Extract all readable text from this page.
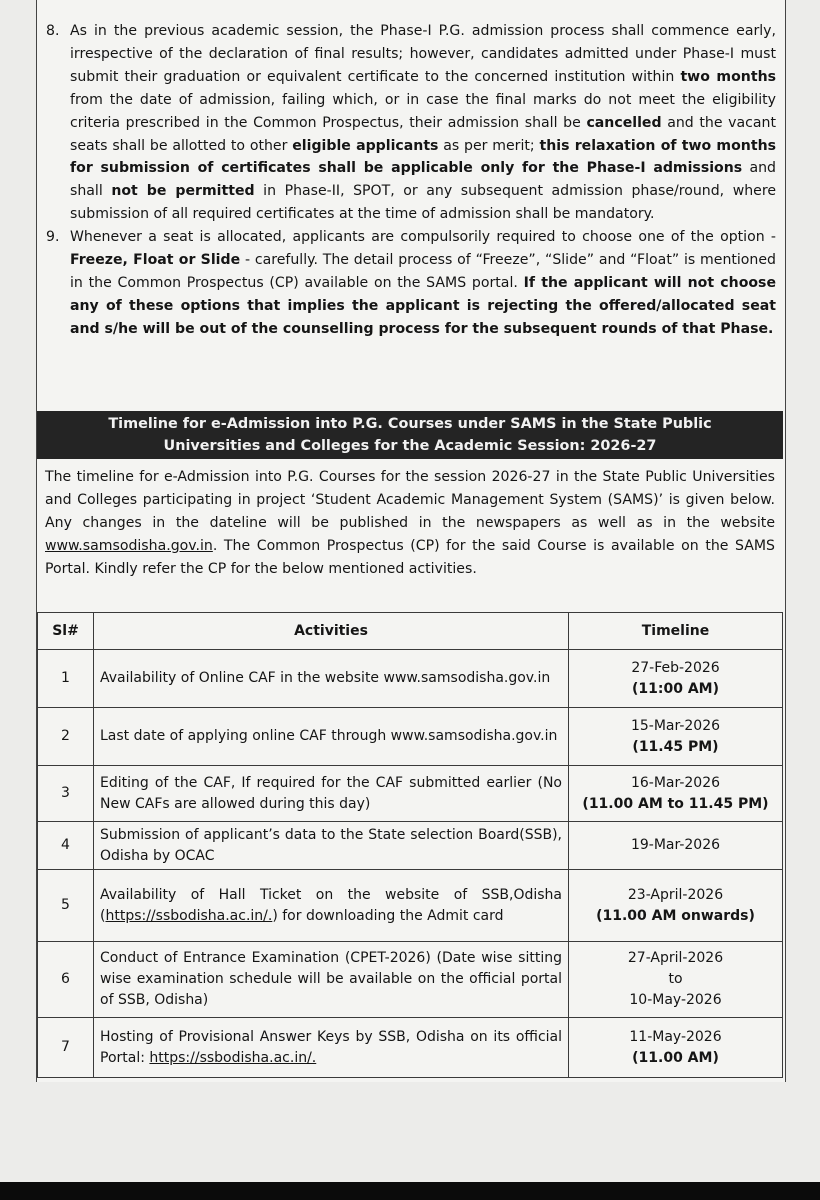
8. As in the previous academic session, the Phase-I P.G. admission process shall commence early, irrespective of the declaration of final results; however, candidates admitted under Phase-I must submit their graduation or equivalent certificate to the concerned institution within two months from the date of admission, failing which, or in case the final marks do not meet the eligibility criteria prescribed in the Common Prospectus, their admission shall be cancelled and the vacant seats shall be allotted to other eligible applicants as per merit; this relaxation of two months for submission of certificates shall be applicable only for the Phase-I admissions and shall not be permitted in Phase-II, SPOT, or any subsequent admission phase/round, where submission of all required certificates at the time of admission shall be mandatory.
9. Whenever a seat is allocated, applicants are compulsorily required to choose one of the option - Freeze, Float or Slide - carefully. The detail process of “Freeze”, “Slide” and “Float” is mentioned in the Common Prospectus (CP) available on the SAMS portal. If the applicant will not choose any of these options that implies the applicant is rejecting the offered/allocated seat and s/he will be out of the counselling process for the subsequent rounds of that Phase.
Timeline for e-Admission into P.G. Courses under SAMS in the State Public
Universities and Colleges for the Academic Session: 2026-27
The timeline for e-Admission into P.G. Courses for the session 2026-27 in the State Public Universities and Colleges participating in project ‘Student Academic Management System (SAMS)’ is given below. Any changes in the dateline will be published in the newspapers as well as in the website www.samsodisha.gov.in. The Common Prospectus (CP) for the said Course is available on the SAMS Portal. Kindly refer the CP for the below mentioned activities.
Sl#	Activities	Timeline
1	Availability of Online CAF in the website www.samsodisha.gov.in	27-Feb-2026
(11:00 AM)

2	Last date of applying online CAF through www.samsodisha.gov.in	15-Mar-2026
(11.45 PM)

3	Editing of the CAF, If required for the CAF submitted earlier (No New CAFs are allowed during this day)	16-Mar-2026
(11.00 AM to 11.45 PM)

4	Submission of applicant’s data to the State selection Board(SSB), Odisha by OCAC	19-Mar-2026

5	Availability of Hall Ticket on the website of SSB,Odisha (https://ssbodisha.ac.in/.) for downloading the Admit card	23-April-2026
(11.00 AM onwards)

6	Conduct of Entrance Examination (CPET-2026) (Date wise sitting wise examination schedule will be available on the official portal of SSB, Odisha)	27-April-2026
to
10-May-2026

7	Hosting of Provisional Answer Keys by SSB, Odisha on its official Portal: https://ssbodisha.ac.in/.	11-May-2026
(11.00 AM)
